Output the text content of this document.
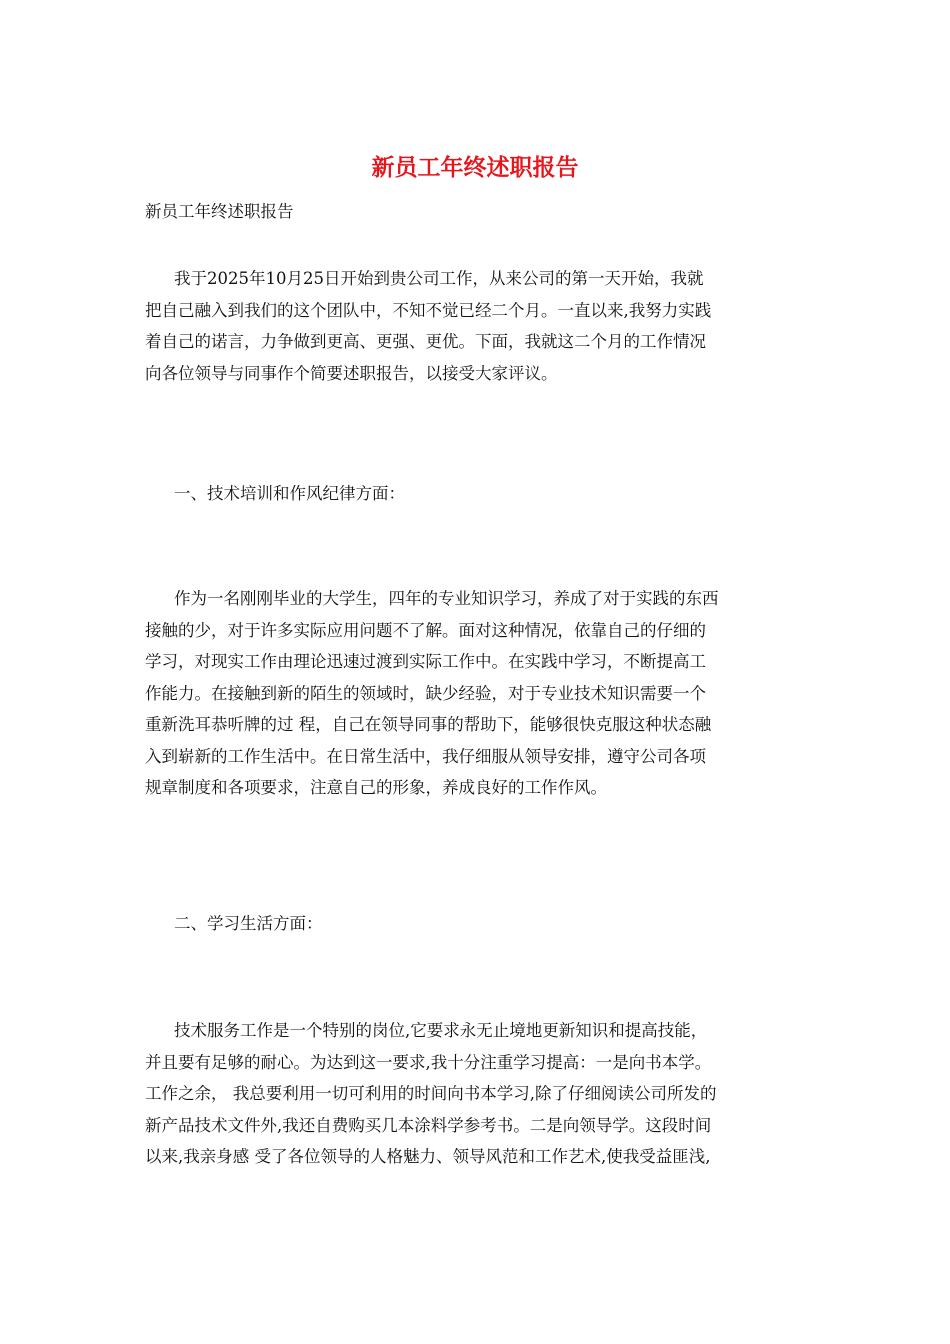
新员工年终述职报告

新员工年终述职报告

我于2025年10月25日开始到贵公司工作，从来公司的第一天开始，我就
把自己融入到我们的这个团队中，不知不觉已经二个月。一直以来,我努力实践
着自己的诺言，力争做到更高、更强、更优。下面，我就这二个月的工作情况
向各位领导与同事作个简要述职报告，以接受大家评议。

一、技术培训和作风纪律方面：

作为一名刚刚毕业的大学生，四年的专业知识学习，养成了对于实践的东西
接触的少，对于许多实际应用问题不了解。面对这种情况，依靠自己的仔细的
学习，对现实工作由理论迅速过渡到实际工作中。在实践中学习，不断提高工
作能力。在接触到新的陌生的领域时，缺少经验，对于专业技术知识需要一个
重新洗耳恭听牌的过 程，自己在领导同事的帮助下，能够很快克服这种状态融
入到崭新的工作生活中。在日常生活中，我仔细服从领导安排，遵守公司各项
规章制度和各项要求，注意自己的形象，养成良好的工作作风。

二、学习生活方面：

技术服务工作是一个特别的岗位,它要求永无止境地更新知识和提高技能，
并且要有足够的耐心。为达到这一要求,我十分注重学习提高：一是向书本学。
工作之余， 我总要利用一切可利用的时间向书本学习,除了仔细阅读公司所发的
新产品技术文件外,我还自费购买几本涂料学参考书。二是向领导学。这段时间
以来,我亲身感 受了各位领导的人格魅力、领导风范和工作艺术,使我受益匪浅,
